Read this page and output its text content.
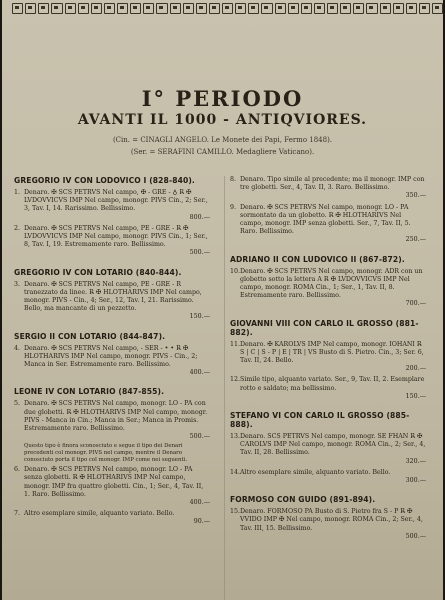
I° PERIODO
AVANTI IL 1000 - ANTIQVIORES.
(Cin. = CINAGLI ANGELO. Le Monete dei Papi, Fermo 1848).
(Ser. = SERAFINI CAMILLO. Medagliere Vaticano).
GREGORIO IV CON LODOVICO I (828-840).
1. Denaro. ✠ SCS PETRVS Nel campo, ✠ - GRE - ♁ R̶ ✠ LVDOVVICVS IMP Nel campo, monogr. PIVS Cin., 2; Ser., 3, Tav. I, 14. Rarissimo. Bellissimo.
800.—
2. Denaro. ✠ SCS PETRVS Nel campo, PE - GRE - R̶ ✠ LVDOVVICVS IMP Nel campo, monogr. PIVS Cin., 1; Ser., 8, Tav. I, 19. Estremamente raro. Bellissimo.
500.—
GREGORIO IV CON LOTARIO (840-844).
3. Denaro. ✠ SCS PETRVS Nel campo, PE - GRE - R tranezzato da linee. R̶ ✠ HLOTHARIVS IMP Nel campo, monogr. PIVS - Cin., 4; Ser., 12, Tav. I, 21. Rarissimo. Bello, ma mancante di un pezzetto.
150.—
SERGIO II CON LOTARIO (844-847).
4. Denaro. ✠ SCS PETRVS Nel campo, - SER - • • R̶ ✠ HLOTHARIVS IMP Nel campo, monogr. PIVS - Cin., 2; Manca in Ser. Estremamente raro. Bellissimo.
400.—
LEONE IV CON LOTARIO (847-855).
5. Denaro. ✠ SCS PETRVS Nel campo, monogr. LO - PA con due globetti. R̶ ✠ HLOTHARIVS IMP Nel campo, monogr. PIVS - Manca in Cin.; Manca in Ser.; Manca in Promis. Estremamente raro. Bellissimo.
500.—
Questo tipo è finora sconosciuto e segue il tipo dei Denari precedenti col monogr. PIVS nel campo, mentre il Denaro conosciuto porta il tipo col monogr. IMP come nei seguenti.
6. Denaro. ✠ SCS PETRVS Nel campo, monogr. LO - PA senza globetti. R̶ ✠ HLOTHARIVS IMP Nel campo, monogr. IMP fra quattro globetti. Cin., 1; Ser., 4, Tav. II, 1. Raro. Bellissimo.
400.—
7. Altro esemplare simile, alquanto variato. Bello.
90.—
8. Denaro. Tipo simile al precedente; ma il monogr. IMP con tre globetti. Ser., 4, Tav. II, 3. Raro. Bellissimo.
350.—
9. Denaro. ✠ SCS PETRVS Nel campo, monogr. LO - PA sormontato da un globetto. R̶ ✠ HLOTHARIVS Nel campo, monogr. IMP senza globetti. Ser., 7, Tav. II, 5. Raro. Bellissimo.
250.—
ADRIANO II CON LUDOVICO II (867-872).
10. Denaro. ✠ SCS PETRVS Nel campo, monogr. ADR con un globetto sotto la lettera A R̶ ✠ LVDOVVICVS IMP Nel campo, monogr. ROMA Cin., 1; Ser., 1, Tav. II, 8. Estremamente raro. Bellissimo.
700.—
GIOVANNI VIII CON CARLO IL GROSSO (881-882).
11. Denaro. ✠ KAROLVS IMP Nel campo, monogr. IOHANI R̶ S | C | S - P | E | TR | VS Busto di S. Pietro. Cin., 3; Ser. 6, Tav. II, 24. Bello.
200.—
12. Simile tipo, alquanto variato. Ser., 9, Tav. II, 2. Esemplare rotto e saldato; ma bellissimo.
150.—
STEFANO VI CON CARLO IL GROSSO (885-888).
13. Denaro. SCS PETRVS Nel campo, monogr. SE FHAN R̶ ✠ CAROLVS IMP Nel campo, monogr. ROMA Cin., 2; Ser., 4, Tav. II, 28. Bellissimo.
320.—
14. Altro esemplare simile, alquanto variato. Bello.
300.—
FORMOSO CON GUIDO (891-894).
15. Denaro. FORMOSO PA Busto di S. Pietro fra S - P R̶ ✠ VVIDO IMP ✠ Nel campo, monogr. ROMA Cin., 2; Ser., 4, Tav. III, 15. Bellissimo.
500.—
